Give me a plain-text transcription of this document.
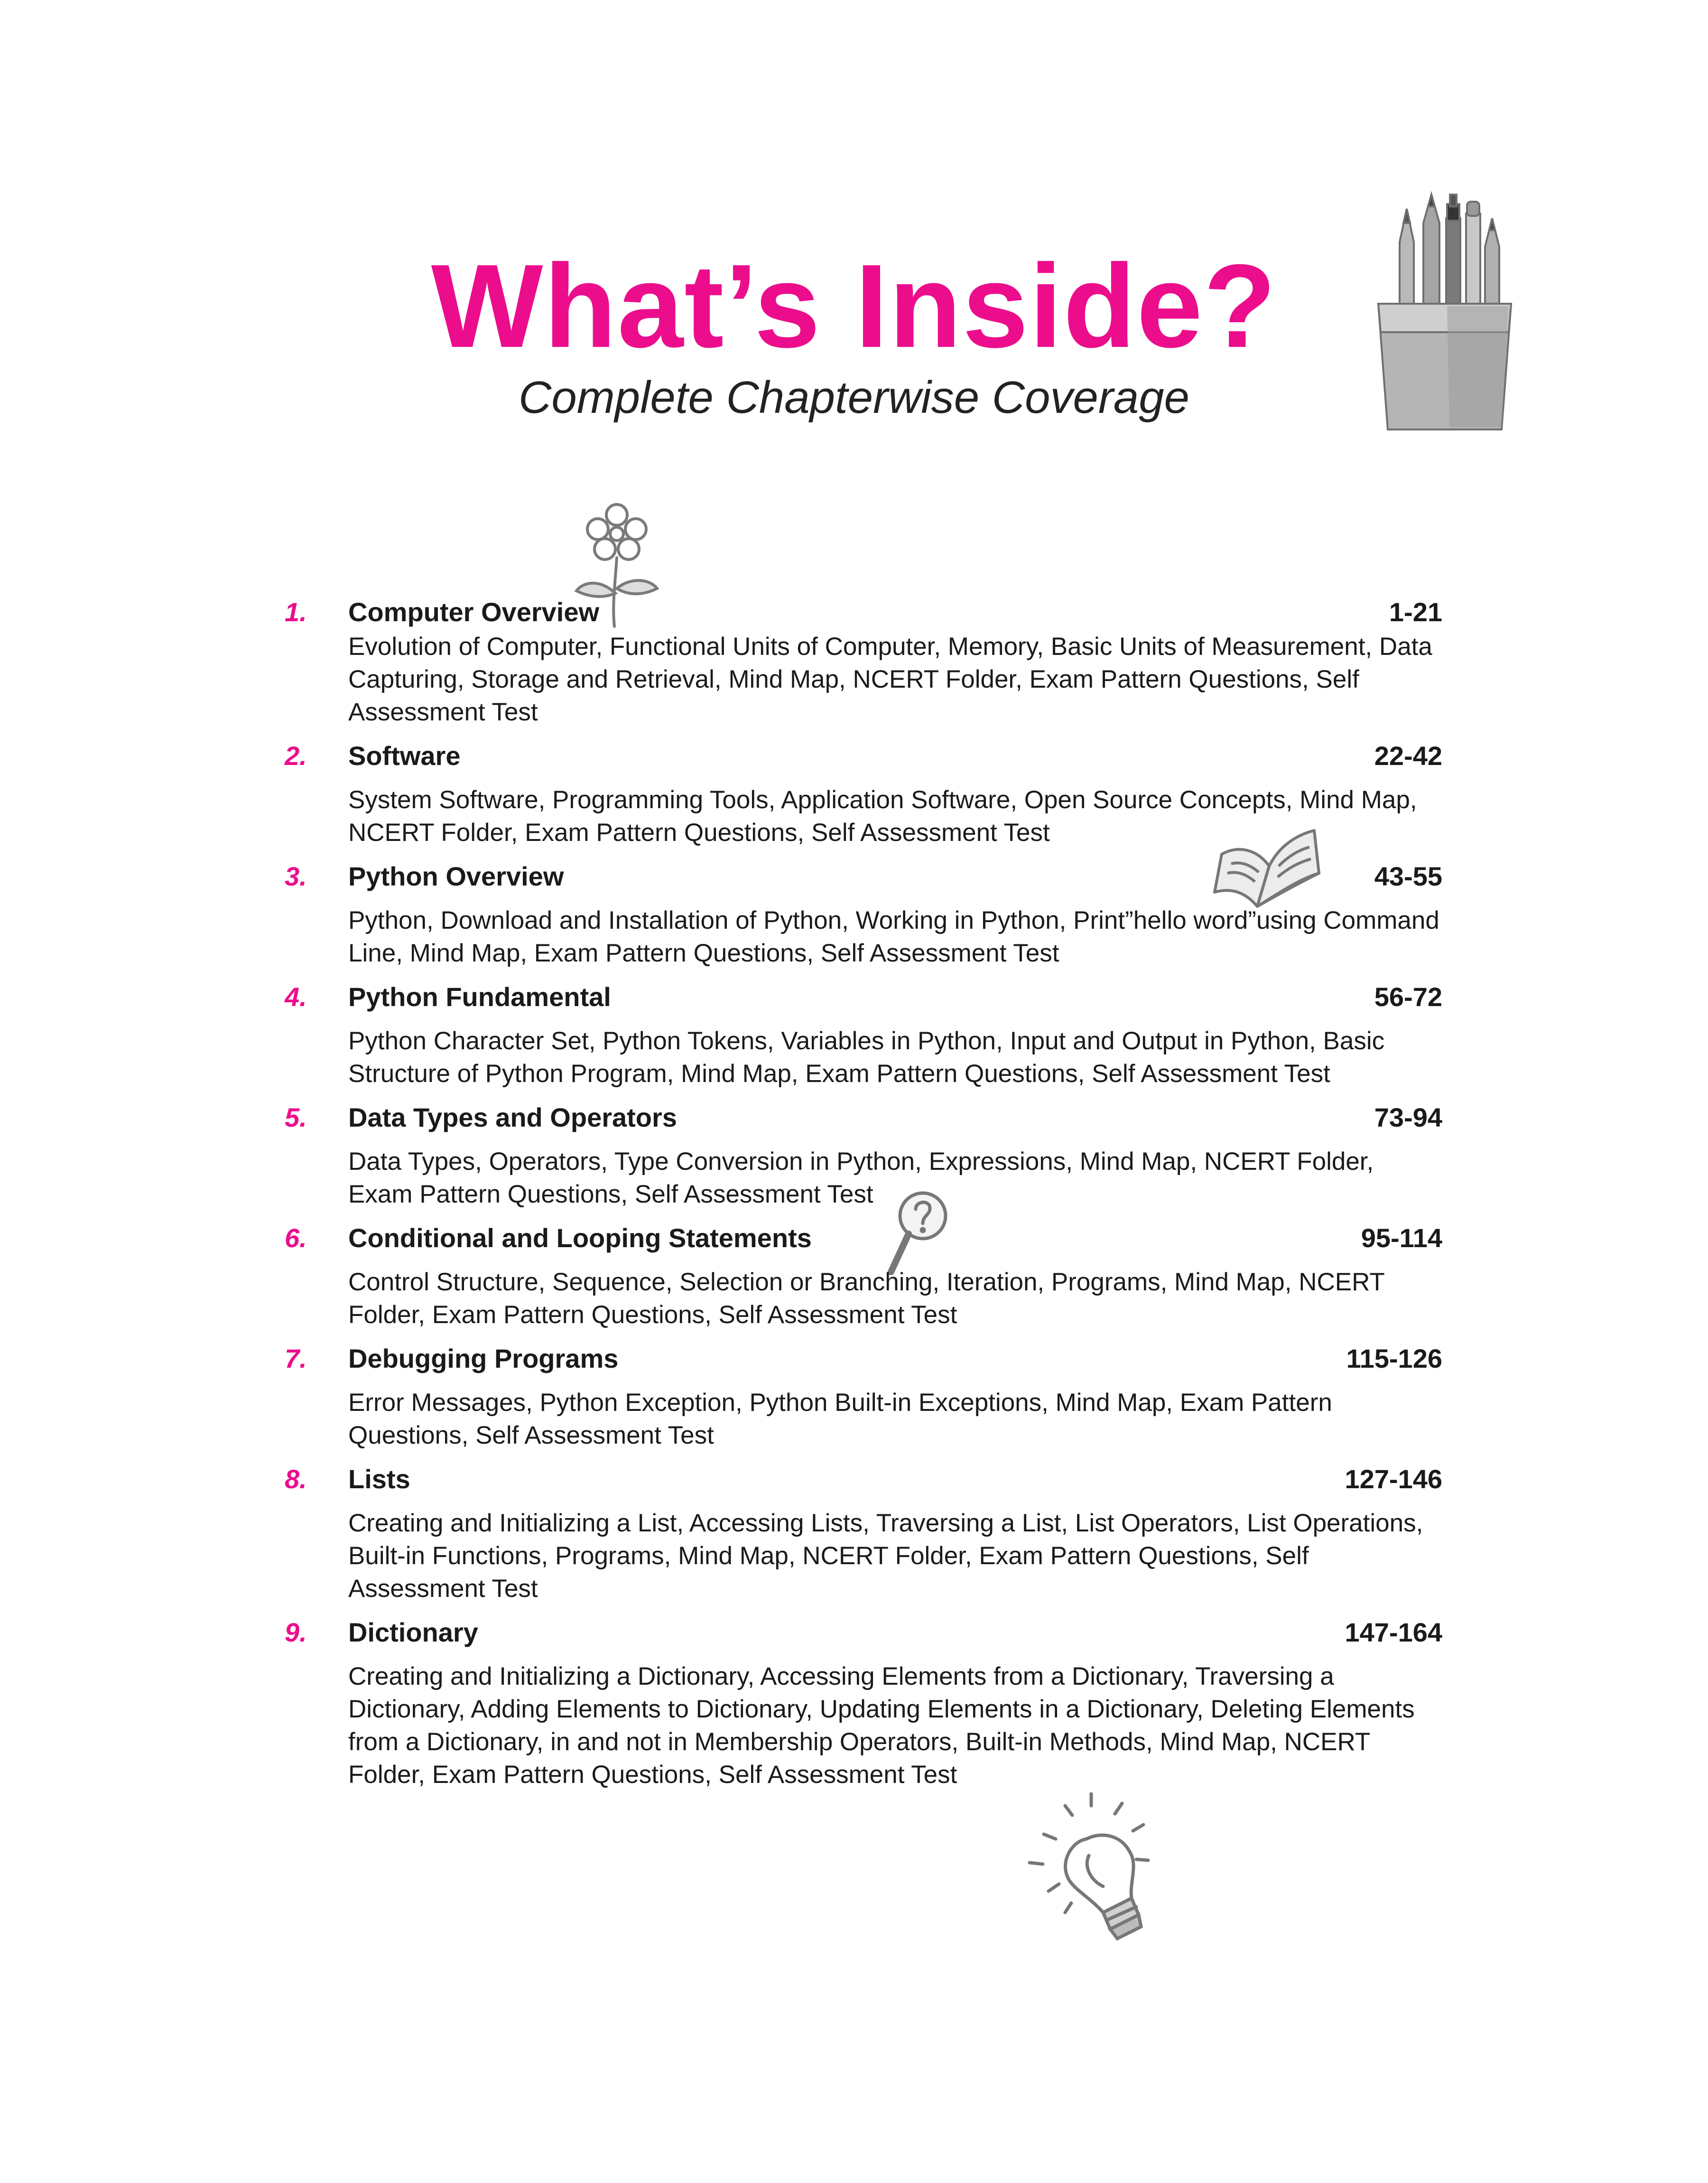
What’s Inside?
Complete Chapterwise Coverage
1. Computer Overview	1-21

Evolution of Computer, Functional Units of Computer, Memory, Basic Units of Measurement, Data Capturing, Storage and Retrieval, Mind Map, NCERT Folder, Exam Pattern Questions, Self Assessment Test

2. Software	22-42

System Software, Programming Tools, Application Software, Open Source Concepts, Mind Map, NCERT Folder, Exam Pattern Questions, Self Assessment Test

3. Python Overview	43-55

Python, Download and Installation of Python, Working in Python, Print”hello word”using Command Line, Mind Map, Exam Pattern Questions, Self Assessment Test

4. Python Fundamental	56-72

Python Character Set, Python Tokens, Variables in Python, Input and Output in Python, Basic Structure of Python Program, Mind Map, Exam Pattern Questions, Self Assessment Test

5. Data Types and Operators	73-94

Data Types, Operators, Type Conversion in Python, Expressions, Mind Map, NCERT Folder, Exam Pattern Questions, Self Assessment Test

6. Conditional and Looping Statements	95-114

Control Structure, Sequence, Selection or Branching, Iteration, Programs, Mind Map, NCERT Folder, Exam Pattern Questions, Self Assessment Test

7. Debugging Programs	115-126

Error Messages, Python Exception, Python Built-in Exceptions, Mind Map, Exam Pattern Questions, Self Assessment Test

8. Lists	127-146

Creating and Initializing a List, Accessing Lists, Traversing a List, List Operators, List Operations, Built-in Functions, Programs, Mind Map, NCERT Folder, Exam Pattern Questions, Self Assessment Test

9. Dictionary	147-164

Creating and Initializing a Dictionary, Accessing Elements from a Dictionary, Traversing a Dictionary, Adding Elements to Dictionary, Updating Elements in a Dictionary, Deleting Elements from a Dictionary, in and not in Membership Operators, Built-in Methods, Mind Map, NCERT Folder, Exam Pattern Questions, Self Assessment Test
